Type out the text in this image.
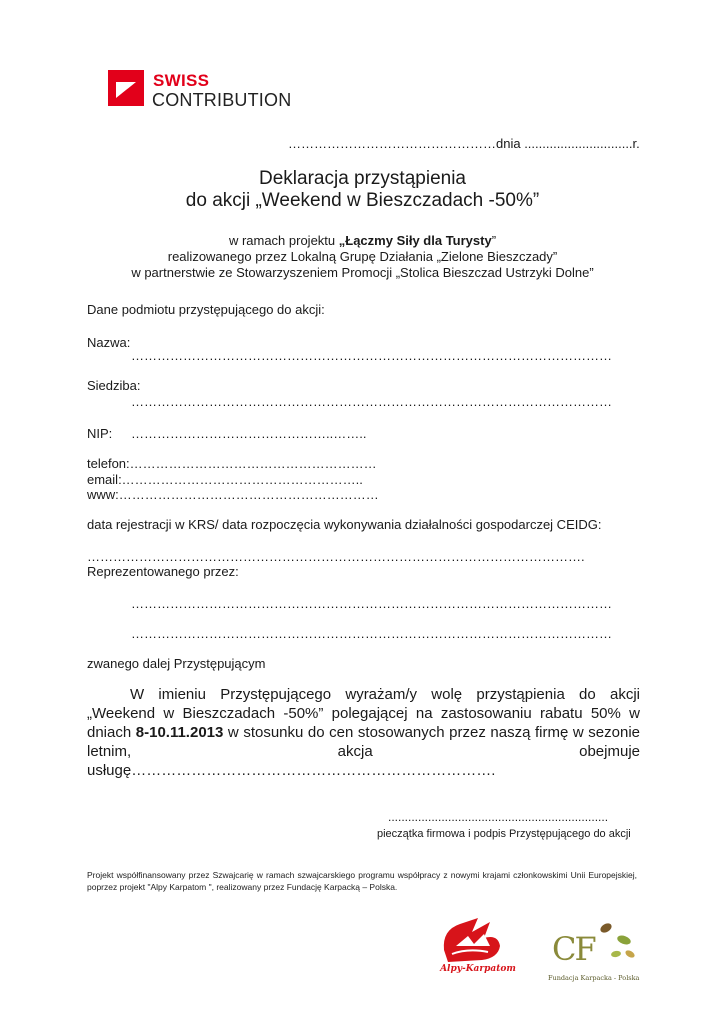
SWISS
CONTRIBUTION
…………………………………………dnia ..............................r.
Deklaracja przystąpienia
do akcji „Weekend w Bieszczadach -50%”
w ramach projektu „Łączmy Siły dla Turysty”
realizowanego przez Lokalną Grupę Działania „Zielone Bieszczady”
w partnerstwie ze Stowarzyszeniem Promocji „Stolica Bieszczad Ustrzyki Dolne”
Dane podmiotu przystępującego do akcji:
Nazwa:
…………………………………………………………………………………………………
Siedziba:
…………………………………………………………………………………………………
NIP: ………………………………………..……..
telefon:…………………………………………………
email:………………………………………………..
www:……………………………………………………
data rejestracji w KRS/ data rozpoczęcia wykonywania działalności gospodarczej CEIDG:
…………………………………………………………………………………………………….
Reprezentowanego przez:
…………………………………………………………………………………………………
…………………………………………………………………………………………………
zwanego dalej Przystępującym
W imieniu Przystępującego wyrażam/y wolę przystąpienia do akcji „Weekend w Bieszczadach -50%” polegającej na zastosowaniu rabatu 50% w dniach 8-10.11.2013 w stosunku do cen stosowanych przez naszą firmę w sezonie letnim, akcja obejmuje usługę……………………………………………………………….
..................................................................
pieczątka firmowa i podpis Przystępującego do akcji
Projekt współfinansowany przez Szwajcarię w ramach szwajcarskiego programu współpracy z nowymi krajami członkowskimi Unii Europejskiej, poprzez projekt "Alpy Karpatom ", realizowany przez Fundację Karpacką – Polska.
Alpy-Karpatom
CF
Fundacja Karpacka - Polska
